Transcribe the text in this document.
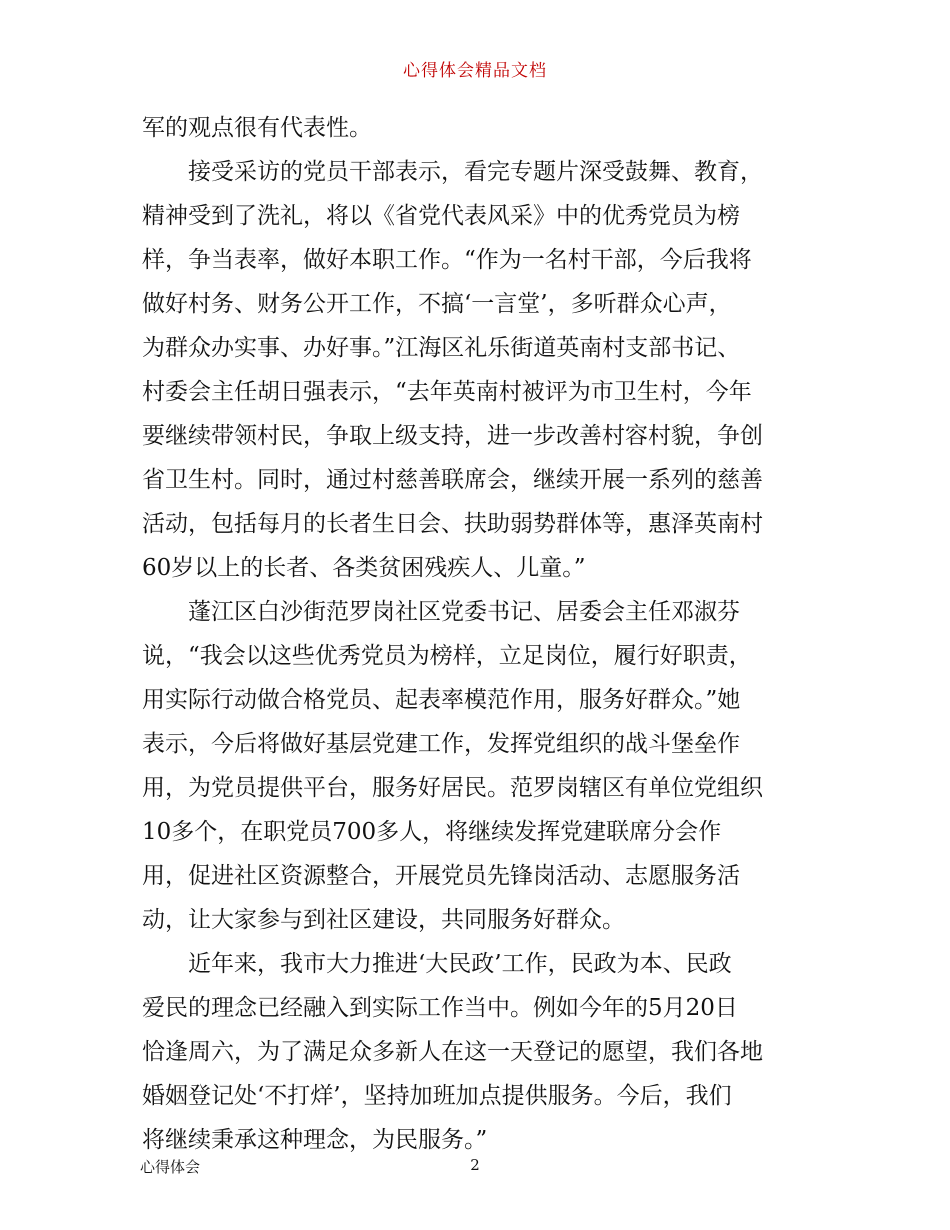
心得体会精品文档
军的观点很有代表性。
　　接受采访的党员干部表示，看完专题片深受鼓舞、教育，
精神受到了洗礼，将以《省党代表风采》中的优秀党员为榜
样，争当表率，做好本职工作。“作为一名村干部，今后我将
做好村务、财务公开工作，不搞‘一言堂’，多听群众心声，
为群众办实事、办好事。”江海区礼乐街道英南村支部书记、
村委会主任胡日强表示，“去年英南村被评为市卫生村，今年
要继续带领村民，争取上级支持，进一步改善村容村貌，争创
省卫生村。同时，通过村慈善联席会，继续开展一系列的慈善
活动，包括每月的长者生日会、扶助弱势群体等，惠泽英南村
60岁以上的长者、各类贫困残疾人、儿童。”
　　蓬江区白沙街范罗岗社区党委书记、居委会主任邓淑芬
说，“我会以这些优秀党员为榜样，立足岗位，履行好职责，
用实际行动做合格党员、起表率模范作用，服务好群众。”她
表示，今后将做好基层党建工作，发挥党组织的战斗堡垒作
用，为党员提供平台，服务好居民。范罗岗辖区有单位党组织
10多个，在职党员700多人，将继续发挥党建联席分会作
用，促进社区资源整合，开展党员先锋岗活动、志愿服务活
动，让大家参与到社区建设，共同服务好群众。
　　近年来，我市大力推进‘大民政’工作，民政为本、民政
爱民的理念已经融入到实际工作当中。例如今年的5月20日
恰逢周六，为了满足众多新人在这一天登记的愿望，我们各地
婚姻登记处‘不打烊’，坚持加班加点提供服务。今后，我们
将继续秉承这种理念，为民服务。”
心得体会	2
